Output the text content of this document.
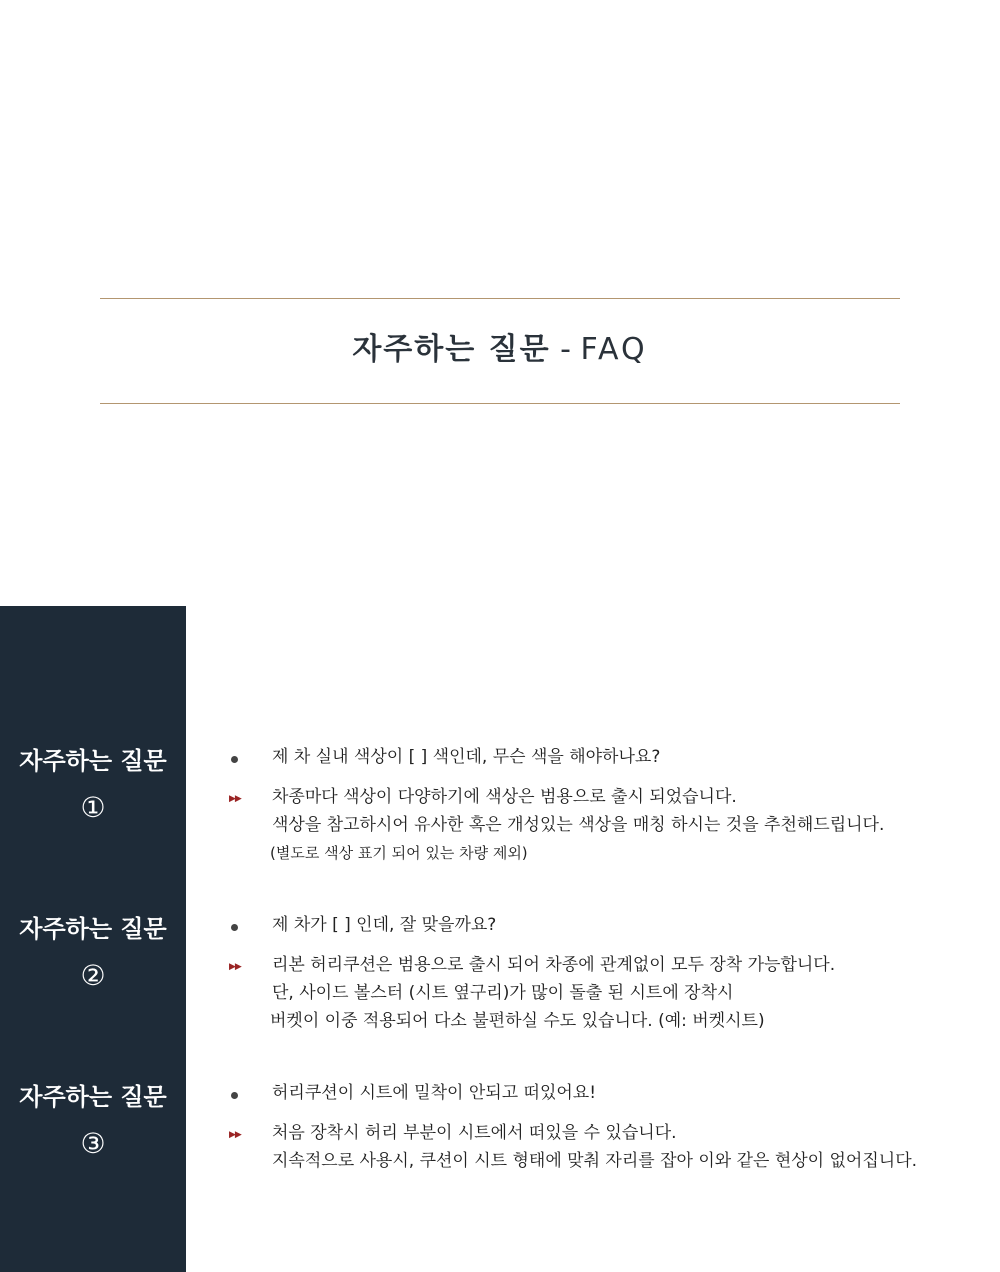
자주하는 질문 - FAQ
자주하는 질문
①
제 차 실내 색상이 [ ] 색인데, 무슨 색을 해야하나요?
▶▶ 차종마다 색상이 다양하기에 색상은 범용으로 출시 되었습니다.
색상을 참고하시어 유사한 혹은 개성있는 색상을 매칭 하시는 것을 추천해드립니다.
(별도로 색상 표기 되어 있는 차량 제외)
자주하는 질문
②
제 차가 [ ] 인데, 잘 맞을까요?
▶▶ 리본 허리쿠션은 범용으로 출시 되어 차종에 관계없이 모두 장착 가능합니다.
단, 사이드 볼스터 (시트 옆구리)가 많이 돌출 된 시트에 장착시
버켓이 이중 적용되어 다소 불편하실 수도 있습니다. (예: 버켓시트)
자주하는 질문
③
허리쿠션이 시트에 밀착이 안되고 떠있어요!
▶▶ 처음 장착시 허리 부분이 시트에서 떠있을 수 있습니다.
지속적으로 사용시, 쿠션이 시트 형태에 맞춰 자리를 잡아 이와 같은 현상이 없어집니다.
